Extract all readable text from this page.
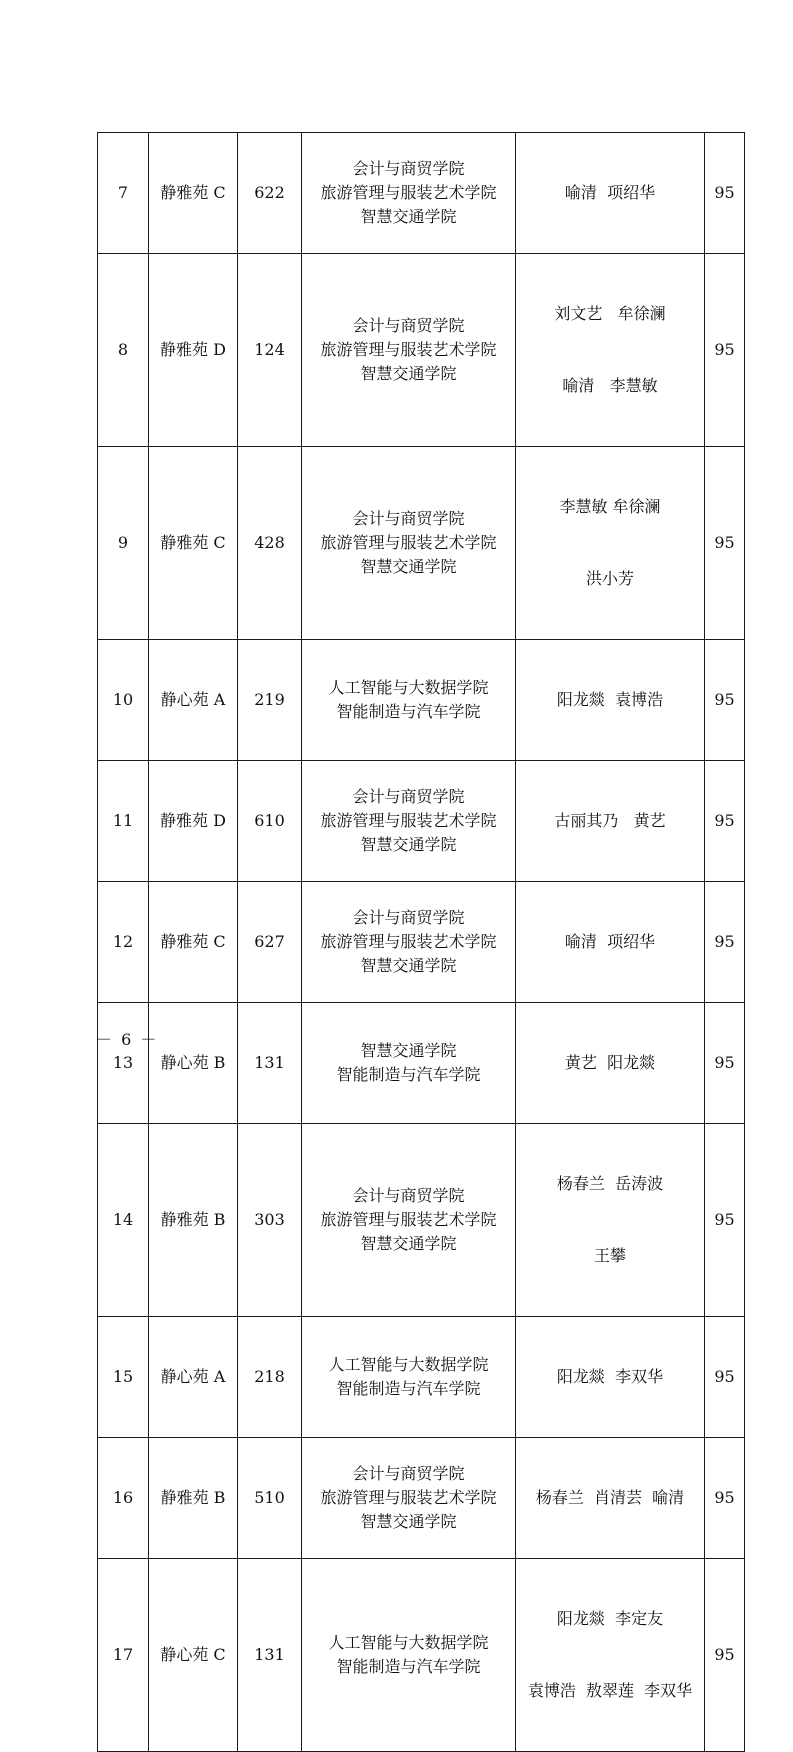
7	静雅苑 C	622	会计与商贸学院
旅游管理与服装艺术学院
智慧交通学院	喻清  项绍华	95
8	静雅苑 D	124	会计与商贸学院
旅游管理与服装艺术学院
智慧交通学院	刘文艺   牟徐澜

喻清   李慧敏	95
9	静雅苑 C	428	会计与商贸学院
旅游管理与服装艺术学院
智慧交通学院	李慧敏 牟徐澜

洪小芳	95
10	静心苑 A	219	人工智能与大数据学院
智能制造与汽车学院	阳龙燚  袁博浩	95
11	静雅苑 D	610	会计与商贸学院
旅游管理与服装艺术学院
智慧交通学院	古丽其乃   黄艺	95
12	静雅苑 C	627	会计与商贸学院
旅游管理与服装艺术学院
智慧交通学院	喻清  项绍华	95
13	静心苑 B	131	智慧交通学院
智能制造与汽车学院	黄艺  阳龙燚	95
14	静雅苑 B	303	会计与商贸学院
旅游管理与服装艺术学院
智慧交通学院	杨春兰  岳涛波

王攀	95
15	静心苑 A	218	人工智能与大数据学院
智能制造与汽车学院	阳龙燚  李双华	95
16	静雅苑 B	510	会计与商贸学院
旅游管理与服装艺术学院
智慧交通学院	杨春兰  肖清芸  喻清	95
17	静心苑 C	131	人工智能与大数据学院
智能制造与汽车学院	阳龙燚  李定友

袁博浩  敖翠莲  李双华	95
－ 6 －
